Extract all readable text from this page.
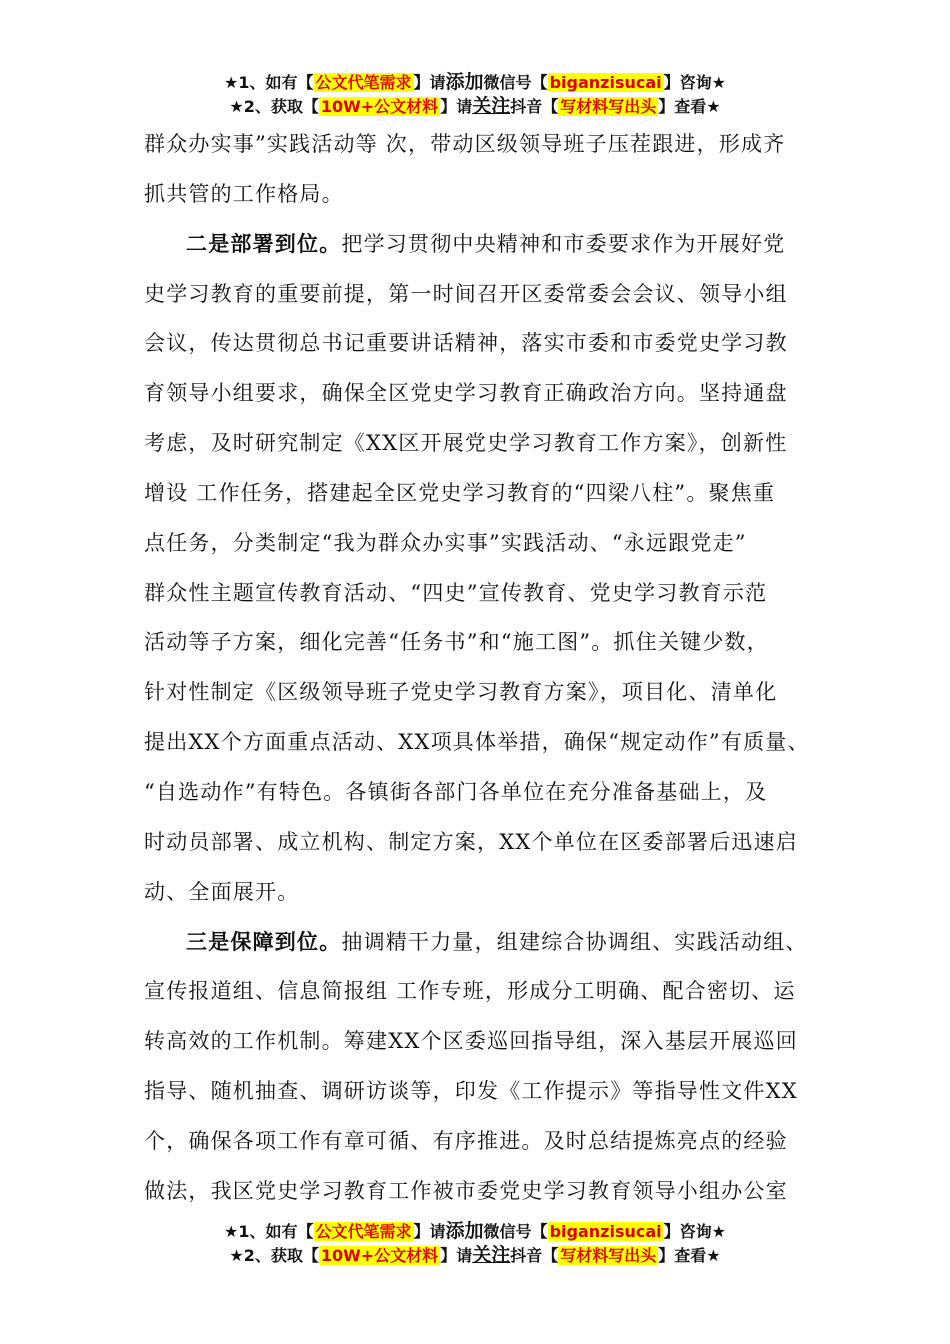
★1、如有【 公文代笔需求 】请添加微信号【 biganzisucai 】咨询★
★2、获取【 10W+公文材料 】请关注抖音【 写材料写出头 】查看★
群众办实事”实践活动等 次，带动区级领导班子压茬跟进，形成齐
抓共管的工作格局。
二是部署到位。把学习贯彻中央精神和市委要求作为开展好党
史学习教育的重要前提，第一时间召开区委常委会会议、领导小组
会议，传达贯彻总书记重要讲话精神，落实市委和市委党史学习教
育领导小组要求，确保全区党史学习教育正确政治方向。坚持通盘
考虑，及时研究制定《XX区开展党史学习教育工作方案》，创新性
增设 工作任务，搭建起全区党史学习教育的“四梁八柱”。聚焦重
点任务，分类制定“我为群众办实事”实践活动、“永远跟党走”
群众性主题宣传教育活动、“四史”宣传教育、党史学习教育示范
活动等子方案，细化完善“任务书”和“施工图”。抓住关键少数，
针对性制定《区级领导班子党史学习教育方案》，项目化、清单化
提出XX个方面重点活动、XX项具体举措，确保“规定动作”有质量、
“自选动作”有特色。各镇街各部门各单位在充分准备基础上，及
时动员部署、成立机构、制定方案，XX个单位在区委部署后迅速启
动、全面展开。
三是保障到位。抽调精干力量，组建综合协调组、实践活动组、
宣传报道组、信息简报组 工作专班，形成分工明确、配合密切、运
转高效的工作机制。筹建XX个区委巡回指导组，深入基层开展巡回
指导、随机抽查、调研访谈等，印发《工作提示》等指导性文件XX
个，确保各项工作有章可循、有序推进。及时总结提炼亮点的经验
做法，我区党史学习教育工作被市委党史学习教育领导小组办公室
★1、如有【 公文代笔需求 】请添加微信号【 biganzisucai 】咨询★
★2、获取【 10W+公文材料 】请关注抖音【 写材料写出头 】查看★
